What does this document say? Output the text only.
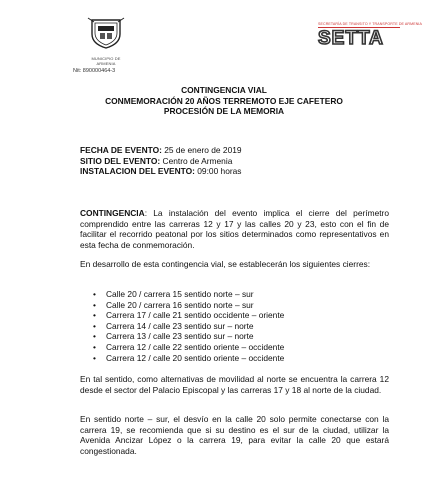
MUNICIPIO DE ARMENIA
Nit: 890000464-3
SECRETARÍA DE TRANSITO Y TRANSPORTE DE ARMENIA
SETTA
CONTINGENCIA VIAL
CONMEMORACIÓN 20 AÑOS TERREMOTO EJE CAFETERO
PROCESIÓN DE LA MEMORIA
FECHA DE EVENTO: 25 de enero de 2019
SITIO DEL EVENTO: Centro de Armenia
INSTALACION DEL EVENTO: 09:00 horas
CONTINGENCIA: La instalación del evento implica el cierre del perímetro comprendido entre las carreras 12 y 17 y las calles 20 y 23, esto con el fin de facilitar el recorrido peatonal por los sitios determinados como representativos en esta fecha de conmemoración.
En desarrollo de esta contingencia vial, se establecerán los siguientes cierres:
• Calle 20 / carrera 15 sentido norte – sur
• Calle 20 / carrera 16 sentido norte – sur
• Carrera 17 / calle 21 sentido occidente – oriente
• Carrera 14 / calle 23 sentido sur – norte
• Carrera 13 / calle 23 sentido sur – norte
• Carrera 12 / calle 22 sentido oriente – occidente
• Carrera 12 / calle 20 sentido oriente – occidente
En tal sentido, como alternativas de movilidad al norte se encuentra la carrera 12 desde el sector del Palacio Episcopal y las carreras 17 y 18 al norte de la ciudad.
En sentido norte – sur, el desvío en la calle 20 solo permite conectarse con la carrera 19, se recomienda que si su destino es el sur de la ciudad, utilizar la Avenida Ancizar López o la carrera 19, para evitar la calle 20 que estará congestionada.
